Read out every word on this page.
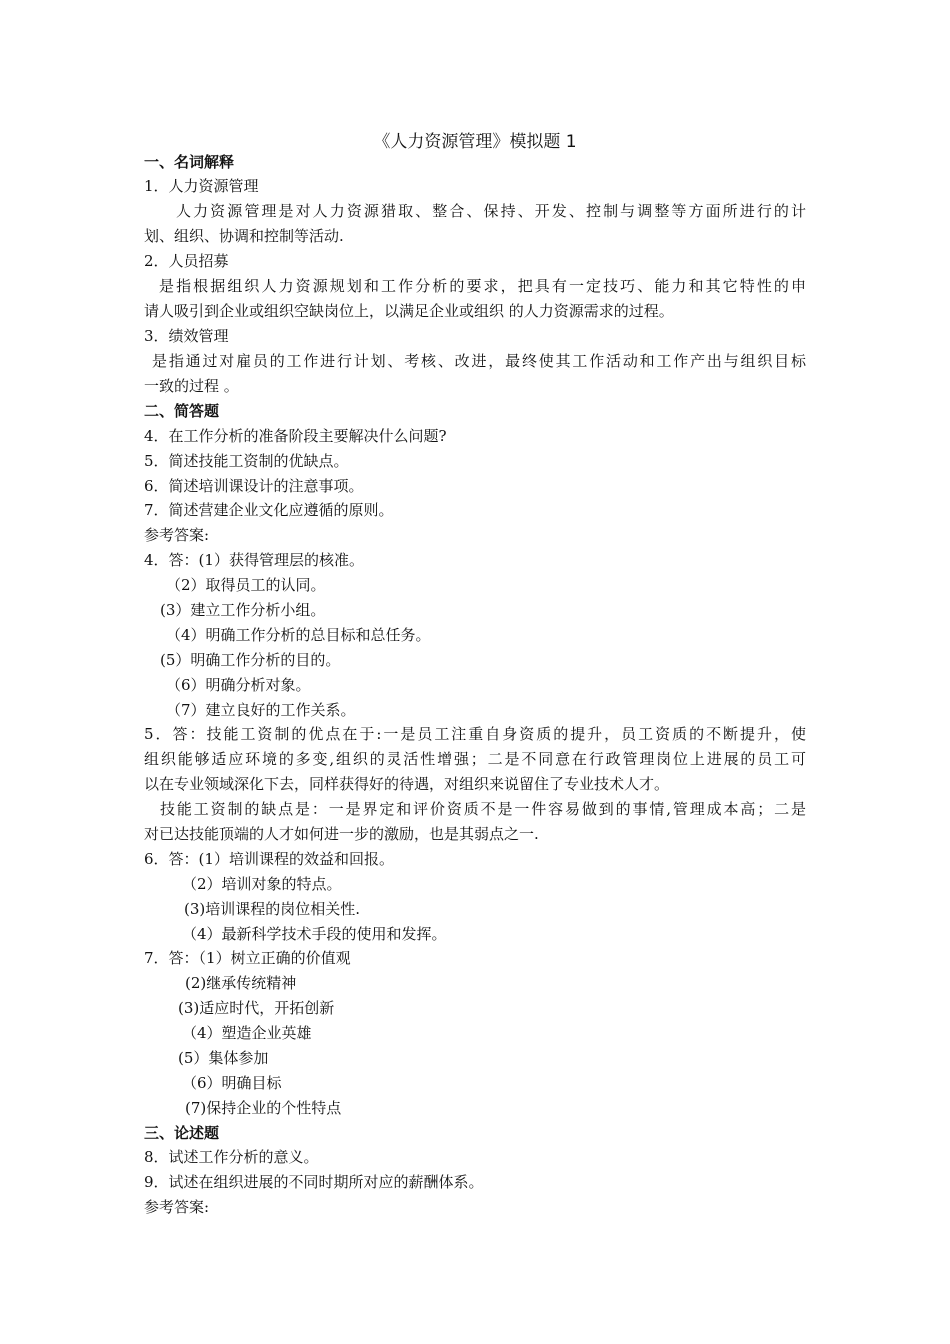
《人力资源管理》模拟题 1
一、名词解释
1．人力资源管理
人力资源管理是对人力资源猎取、整合、保持、开发、控制与调整等方面所进行的计
划、组织、协调和控制等活动.
2．人员招募
是指根据组织人力资源规划和工作分析的要求，把具有一定技巧、能力和其它特性的申
请人吸引到企业或组织空缺岗位上，以满足企业或组织 的人力资源需求的过程。
3．绩效管理
是指通过对雇员的工作进行计划、考核、改进，最终使其工作活动和工作产出与组织目标
一致的过程 。
二、简答题
4．在工作分析的准备阶段主要解决什么问题?
5．简述技能工资制的优缺点。
6．简述培训课设计的注意事项。
7．简述营建企业文化应遵循的原则。
参考答案:
4．答：(1）获得管理层的核准。
（2）取得员工的认同。
(3）建立工作分析小组。
（4）明确工作分析的总目标和总任务。
(5）明确工作分析的目的。
（6）明确分析对象。
（7）建立良好的工作关系。
5．答：技能工资制的优点在于:一是员工注重自身资质的提升，员工资质的不断提升，使
组织能够适应环境的多变,组织的灵活性增强；二是不同意在行政管理岗位上进展的员工可
以在专业领域深化下去，同样获得好的待遇，对组织来说留住了专业技术人才。
技能工资制的缺点是：一是界定和评价资质不是一件容易做到的事情,管理成本高；二是
对已达技能顶端的人才如何进一步的激励，也是其弱点之一.
6．答：(1）培训课程的效益和回报。
（2）培训对象的特点。
(3)培训课程的岗位相关性.
（4）最新科学技术手段的使用和发挥。
7．答：（1）树立正确的价值观
(2)继承传统精神
(3)适应时代，开拓创新
（4）塑造企业英雄
(5）集体参加
（6）明确目标
(7)保持企业的个性特点
三、论述题
8．试述工作分析的意义。
9．试述在组织进展的不同时期所对应的薪酬体系。
参考答案:
